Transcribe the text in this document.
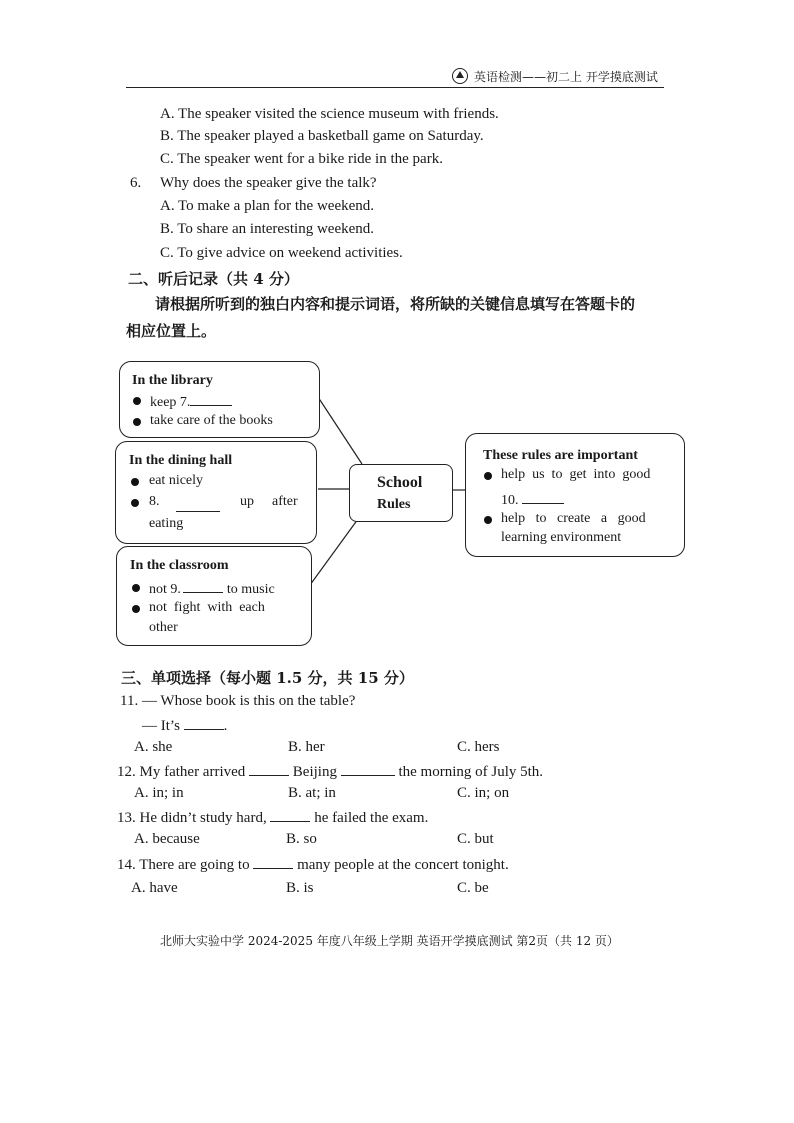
英语检测——初二上 开学摸底测试
A. The speaker visited the science museum with friends.
B. The speaker played a basketball game on Saturday.
C. The speaker went for a bike ride in the park.
6. Why does the speaker give the talk?
A. To make a plan for the weekend.
B. To share an interesting weekend.
C. To give advice on weekend activities.
二、听后记录（共 4 分）
请根据所听到的独白内容和提示词语，将所缺的关键信息填写在答题卡的
相应位置上。
In the library
keep 7.
take care of the books
In the dining hall
eat nicely
8.	up after
eating
In the classroom
not 9.	to music
not  fight  with  each
other
School
Rules
These rules are important
help  us  to  get  into  good
10.
help   to   create   a   good
learning environment
三、单项选择（每小题 1.5 分，共 15 分）
11. — Whose book is this on the table?
— It’s	.
A. she	B. her	C. hers
12. My father arrived	Beijing	the morning of July 5th.
A. in; in	B. at; in	C. in; on
13. He didn’t study hard,	he failed the exam.
A. because	B. so	C. but
14. There are going to	many people at the concert tonight.
A. have	B. is	C. be
北师大实验中学 2024-2025 年度八年级上学期 英语开学摸底测试 第2页（共 12 页）
